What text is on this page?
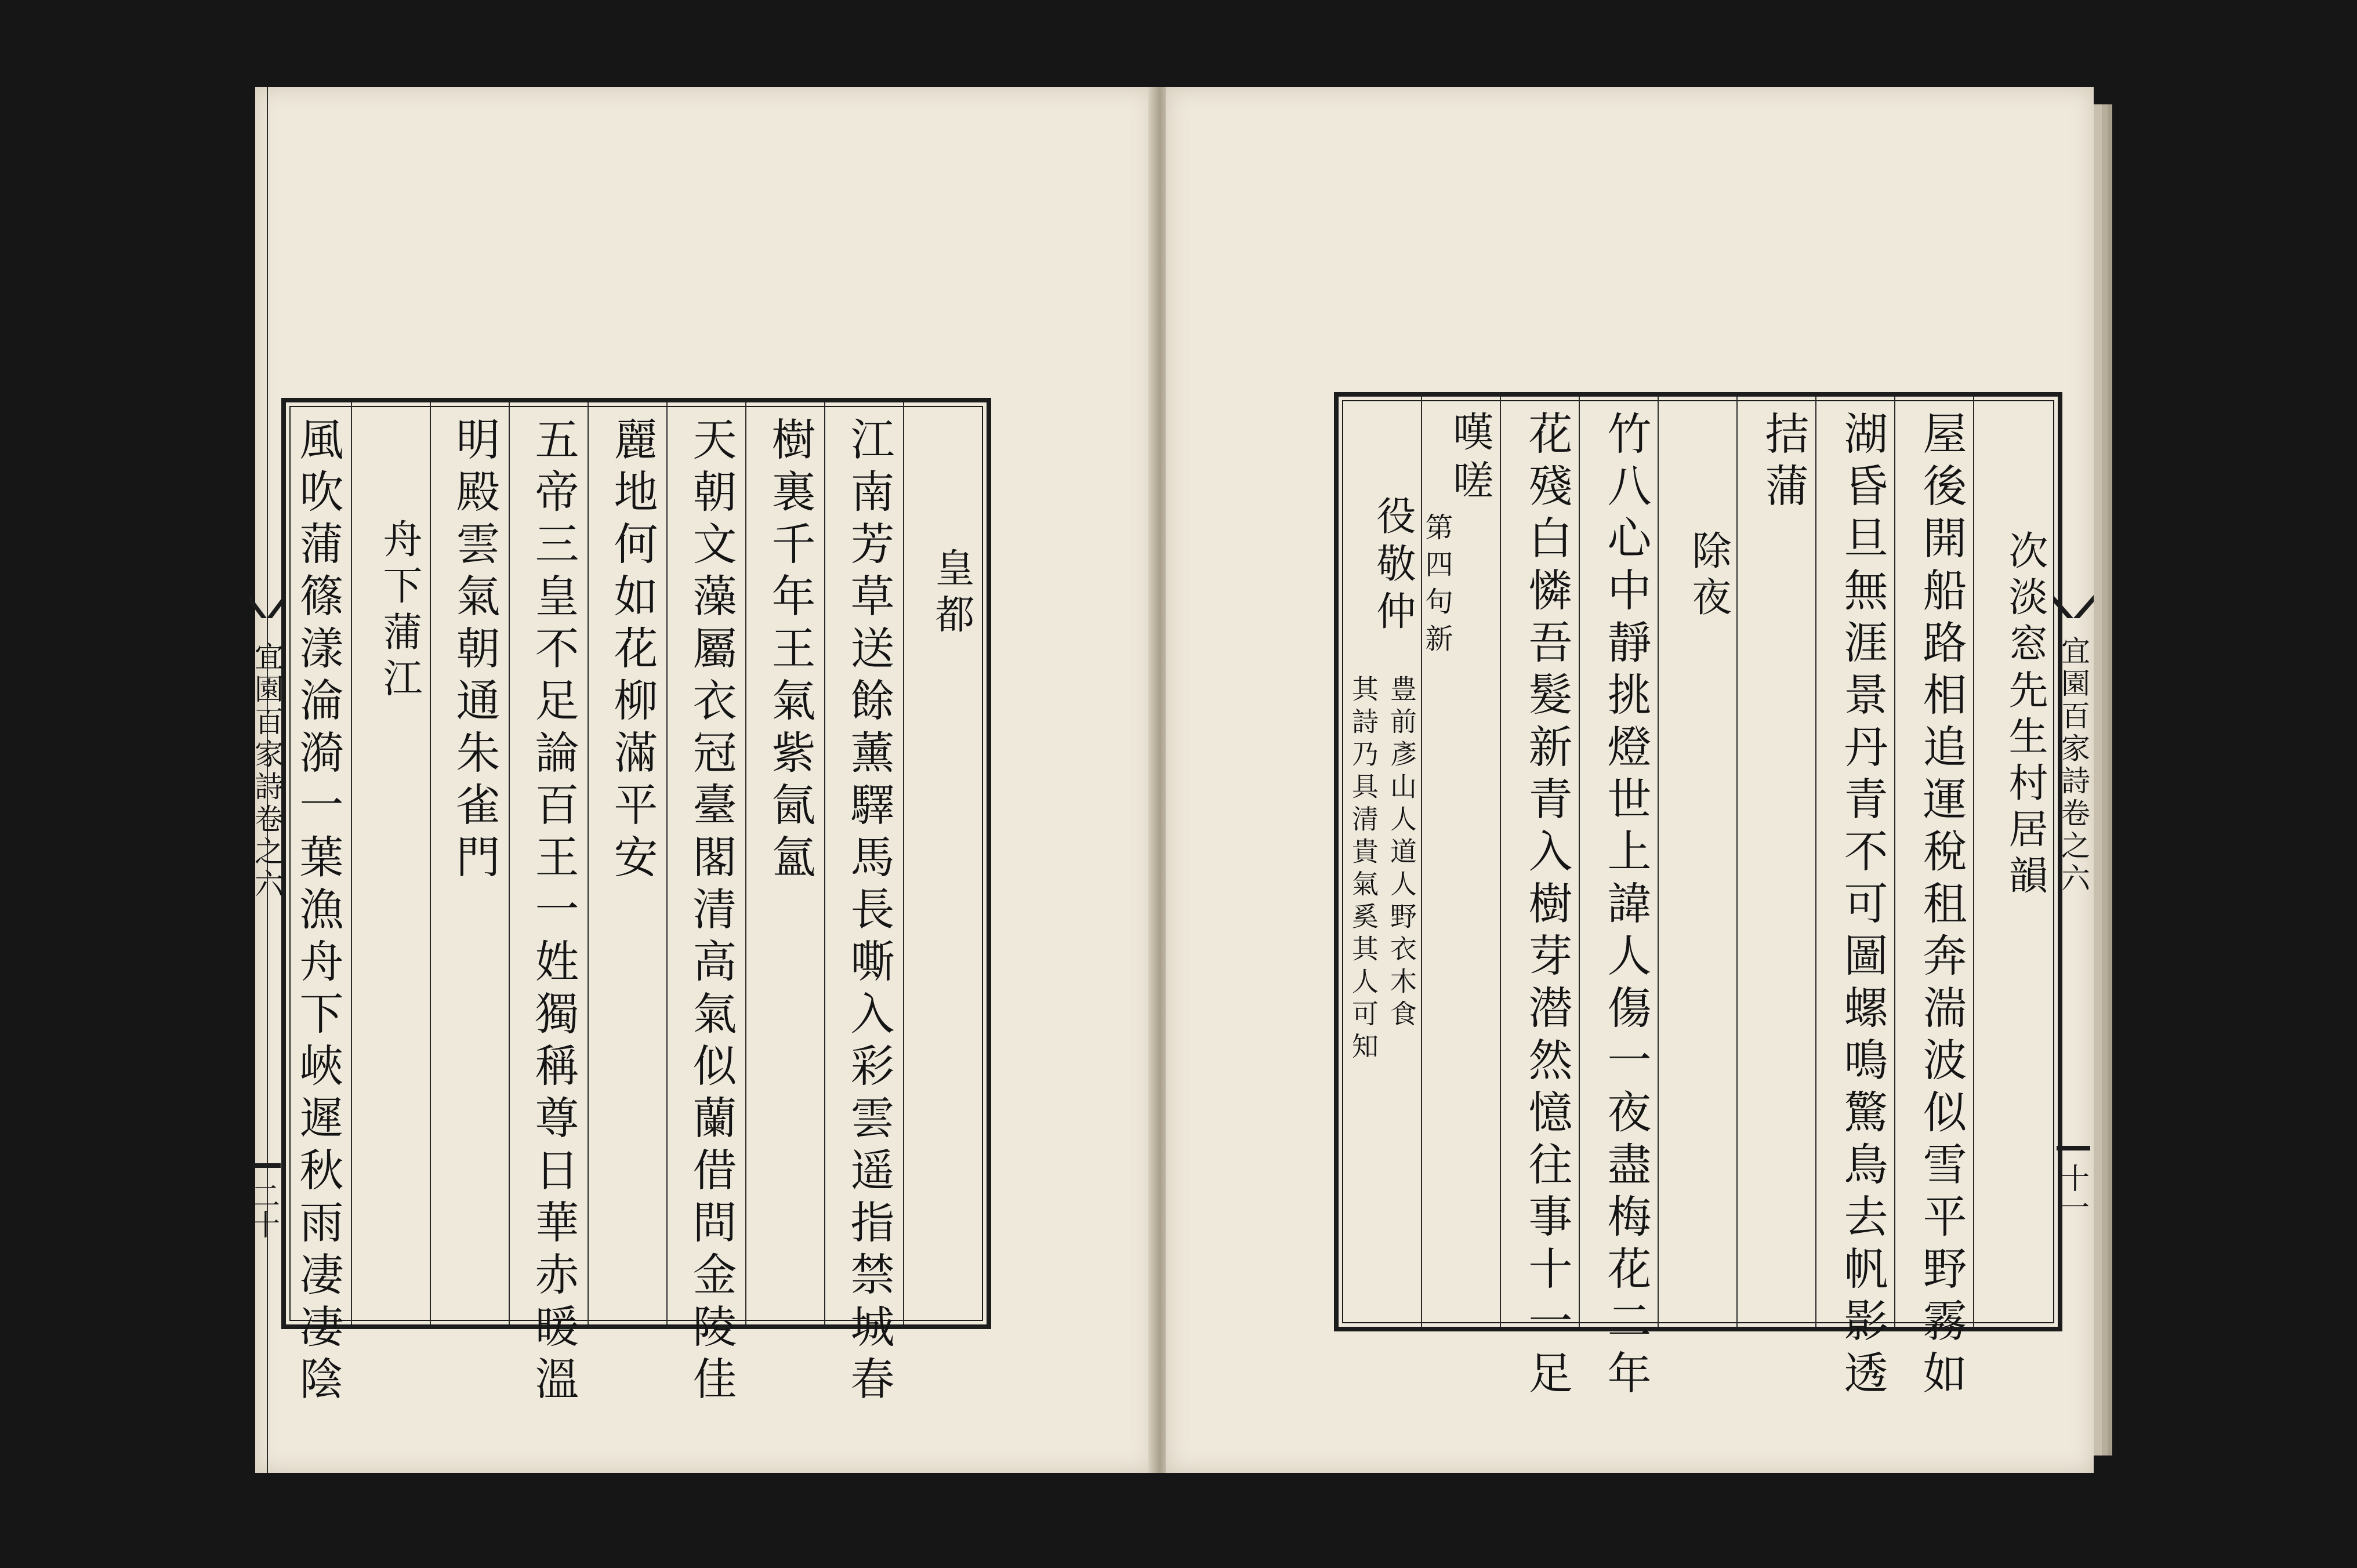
皇都
江南芳草送餘薰驛馬長嘶入彩雲遥指禁城春
樹裏千年王氣紫氤氳
天朝文藻屬衣冠臺閣清高氣似蘭借問金陵佳
麗地何如花柳滿平安
五帝三皇不足論百王一姓獨稱尊日華赤暖溫
明殿雲氣朝通朱雀門
舟下蒲江
風吹蒲篠漾淪漪一葉漁舟下峽遲秋雨凄凄陰
宜園百家詩卷之六
二十
次淡窓先生村居韻
屋後開船路相追運稅租奔湍波似雪平野霧如
湖昏旦無涯景丹青不可圖螺鳴驚鳥去帆影透
拮蒲
除夜
竹八心中靜挑燈世上諱人傷一夜盡梅花二年
花殘白憐吾髮新青入樹芽潜然憶往事十一足
嘆嗟
第四句新
役敬仲
豊前彥山人道人野衣木食
其詩乃具清貴氣奚其人可知	宜園百家詩卷之六
十一
